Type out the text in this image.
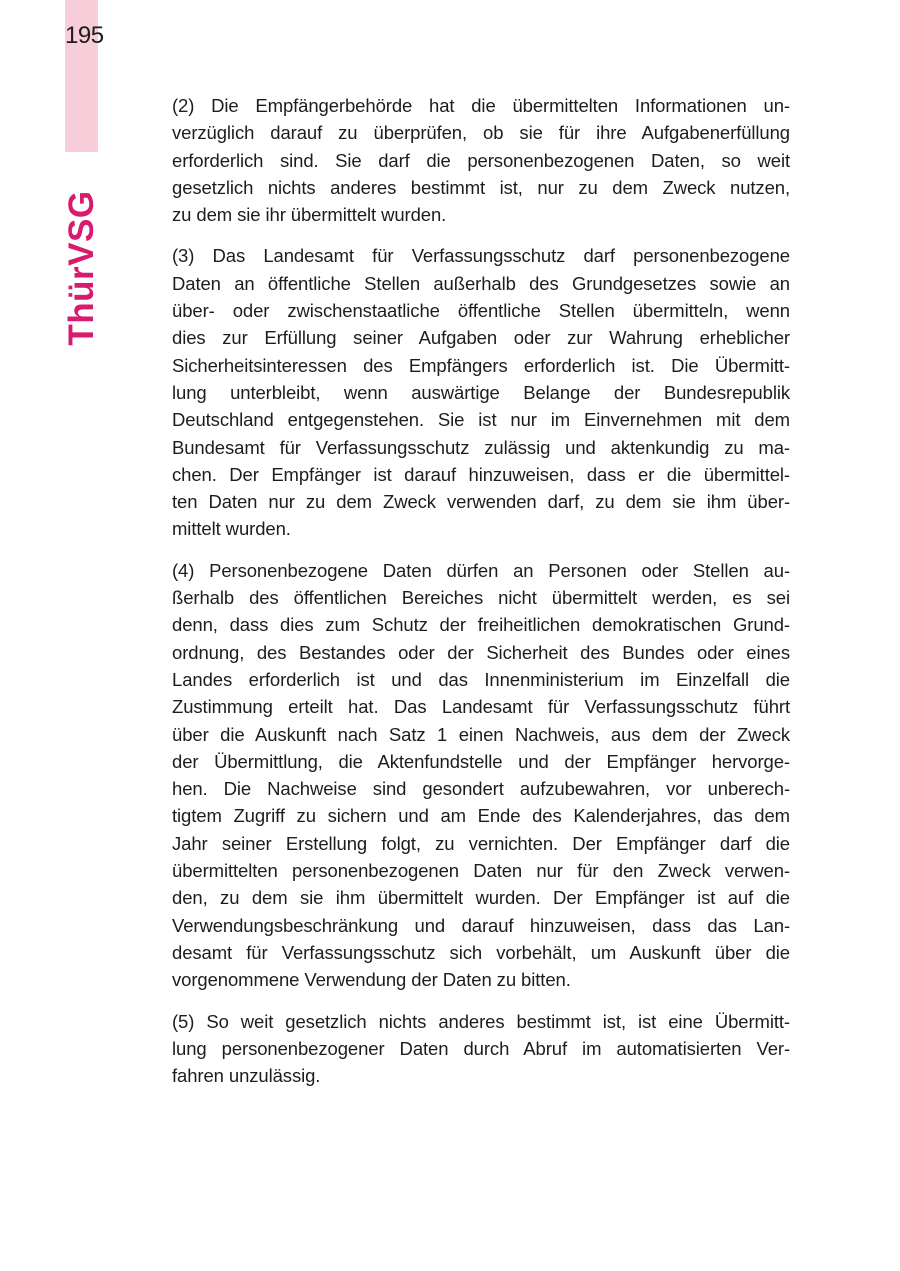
195
ThürVSG
(2) Die Empfängerbehörde hat die übermittelten Informationen un-
verzüglich darauf zu überprüfen, ob sie für ihre Aufgabenerfüllung
erforderlich sind. Sie darf die personenbezogenen Daten, so weit
gesetzlich nichts anderes bestimmt ist, nur zu dem Zweck nutzen,
zu dem sie ihr übermittelt wurden.
(3) Das Landesamt für Verfassungsschutz darf personenbezogene
Daten an öffentliche Stellen außerhalb des Grundgesetzes sowie an
über- oder zwischenstaatliche öffentliche Stellen übermitteln, wenn
dies zur Erfüllung seiner Aufgaben oder zur Wahrung erheblicher
Sicherheitsinteressen des Empfängers erforderlich ist. Die Übermitt-
lung unterbleibt, wenn auswärtige Belange der Bundesrepublik
Deutschland entgegenstehen. Sie ist nur im Einvernehmen mit dem
Bundesamt für Verfassungsschutz zulässig und aktenkundig zu ma-
chen. Der Empfänger ist darauf hinzuweisen, dass er die übermittel-
ten Daten nur zu dem Zweck verwenden darf, zu dem sie ihm über-
mittelt wurden.
(4) Personenbezogene Daten dürfen an Personen oder Stellen au-
ßerhalb des öffentlichen Bereiches nicht übermittelt werden, es sei
denn, dass dies zum Schutz der freiheitlichen demokratischen Grund-
ordnung, des Bestandes oder der Sicherheit des Bundes oder eines
Landes erforderlich ist und das Innenministerium im Einzelfall die
Zustimmung erteilt hat. Das Landesamt für Verfassungsschutz führt
über die Auskunft nach Satz 1 einen Nachweis, aus dem der Zweck
der Übermittlung, die Aktenfundstelle und der Empfänger hervorge-
hen. Die Nachweise sind gesondert aufzubewahren, vor unberech-
tigtem Zugriff zu sichern und am Ende des Kalenderjahres, das dem
Jahr seiner Erstellung folgt, zu vernichten. Der Empfänger darf die
übermittelten personenbezogenen Daten nur für den Zweck verwen-
den, zu dem sie ihm übermittelt wurden. Der Empfänger ist auf die
Verwendungsbeschränkung und darauf hinzuweisen, dass das Lan-
desamt für Verfassungsschutz sich vorbehält, um Auskunft über die
vorgenommene Verwendung der Daten zu bitten.
(5) So weit gesetzlich nichts anderes bestimmt ist, ist eine Übermitt-
lung personenbezogener Daten durch Abruf im automatisierten Ver-
fahren unzulässig.
